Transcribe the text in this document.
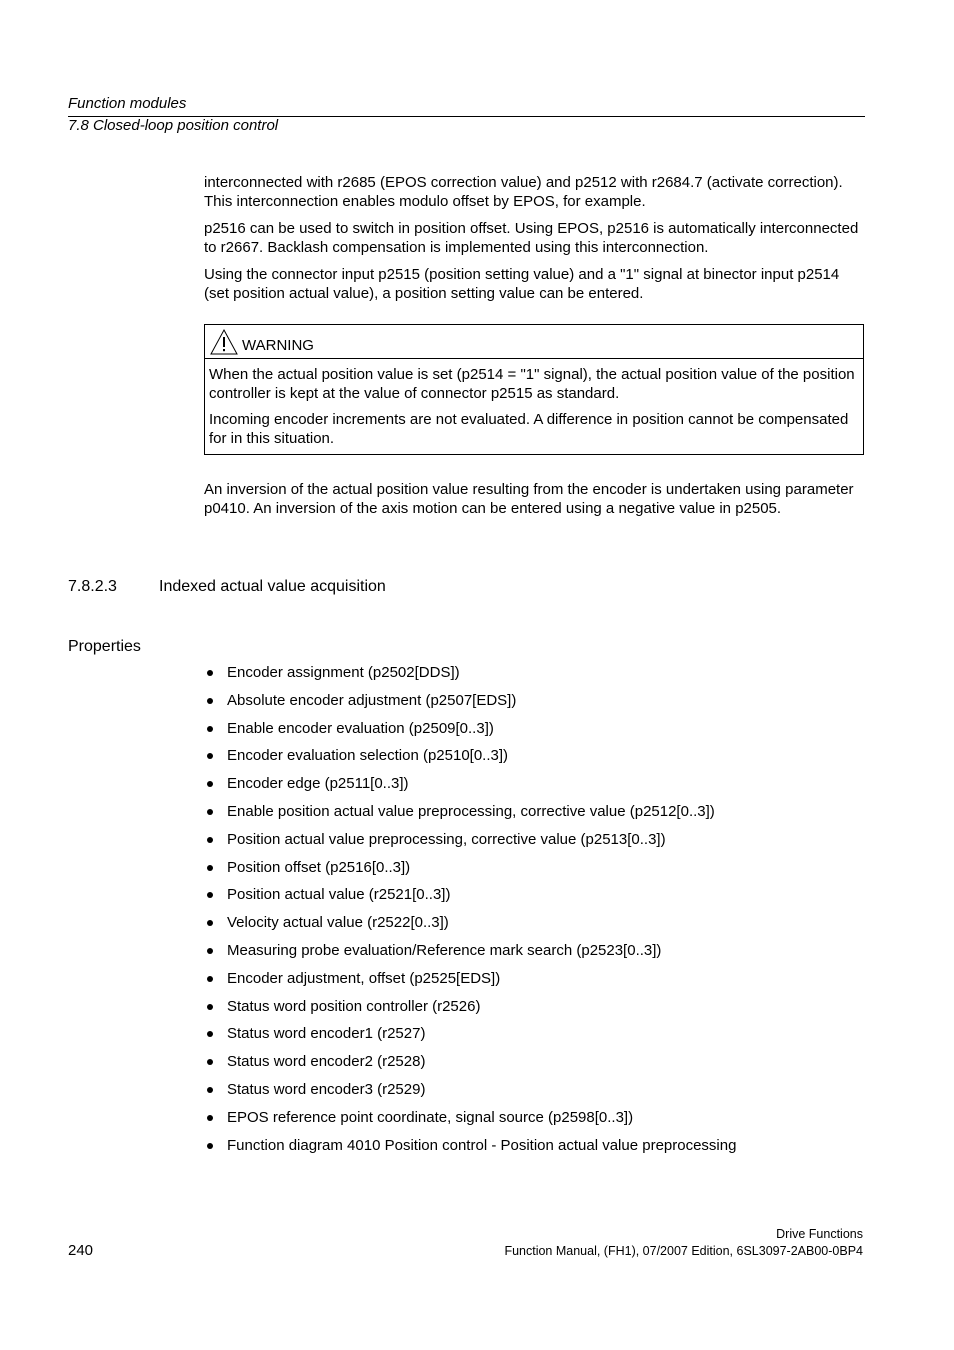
Function modules
7.8 Closed-loop position control

interconnected with r2685 (EPOS correction value) and p2512 with r2684.7 (activate correction). This interconnection enables modulo offset by EPOS, for example.

p2516 can be used to switch in position offset. Using EPOS, p2516 is automatically interconnected to r2667. Backlash compensation is implemented using this interconnection.

Using the connector input p2515 (position setting value) and a "1" signal at binector input p2514 (set position actual value), a position setting value can be entered.

WARNING

When the actual position value is set (p2514 = "1" signal), the actual position value of the position controller is kept at the value of connector p2515 as standard.

Incoming encoder increments are not evaluated. A difference in position cannot be compensated for in this situation.

An inversion of the actual position value resulting from the encoder is undertaken using parameter p0410. An inversion of the axis motion can be entered using a negative value in p2505.

7.8.2.3	Indexed actual value acquisition
Properties
Encoder assignment (p2502[DDS])
Absolute encoder adjustment (p2507[EDS])
Enable encoder evaluation (p2509[0..3])
Encoder evaluation selection (p2510[0..3])
Encoder edge (p2511[0..3])
Enable position actual value preprocessing, corrective value (p2512[0..3])
Position actual value preprocessing, corrective value (p2513[0..3])
Position offset (p2516[0..3])
Position actual value (r2521[0..3])
Velocity actual value (r2522[0..3])
Measuring probe evaluation/Reference mark search (p2523[0..3])
Encoder adjustment, offset (p2525[EDS])
Status word position controller (r2526)
Status word encoder1 (r2527)
Status word encoder2 (r2528)
Status word encoder3 (r2529)
EPOS reference point coordinate, signal source (p2598[0..3])
Function diagram 4010 Position control - Position actual value preprocessing
Drive Functions
Function Manual, (FH1), 07/2007 Edition, 6SL3097-2AB00-0BP4
240
